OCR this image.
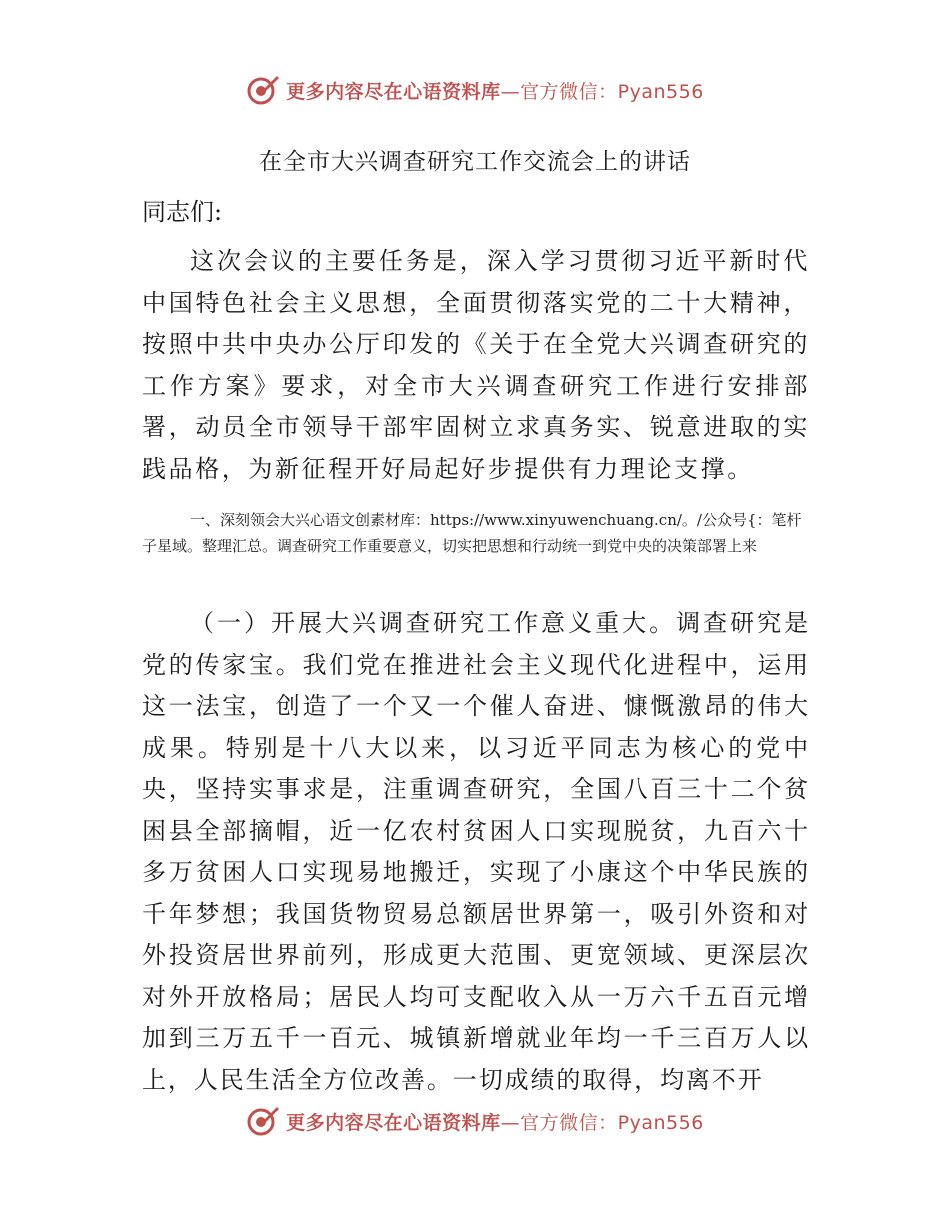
更多内容尽在心语资料库—官方微信：Pyan556
在全市大兴调查研究工作交流会上的讲话
同志们:

这次会议的主要任务是，深入学习贯彻习近平新时代中国特色社会主义思想，全面贯彻落实党的二十大精神，按照中共中央办公厅印发的《关于在全党大兴调查研究的工作方案》要求，对全市大兴调查研究工作进行安排部署，动员全市领导干部牢固树立求真务实、锐意进取的实践品格，为新征程开好局起好步提供有力理论支撑。

一、深刻领会大兴心语文创素材库：https://www.xinyuwenchuang.cn/。/公众号{：笔杆子星域。整理汇总。调查研究工作重要意义，切实把思想和行动统一到党中央的决策部署上来

（一）开展大兴调查研究工作意义重大。调查研究是党的传家宝。我们党在推进社会主义现代化进程中，运用这一法宝，创造了一个又一个催人奋进、慷慨激昂的伟大成果。特别是十八大以来，以习近平同志为核心的党中央，坚持实事求是，注重调查研究，全国八百三十二个贫困县全部摘帽，近一亿农村贫困人口实现脱贫，九百六十多万贫困人口实现易地搬迁，实现了小康这个中华民族的千年梦想；我国货物贸易总额居世界第一，吸引外资和对外投资居世界前列，形成更大范围、更宽领域、更深层次对外开放格局；居民人均可支配收入从一万六千五百元增加到三万五千一百元、城镇新增就业年均一千三百万人以上，人民生活全方位改善。一切成绩的取得，均离不开

更多内容尽在心语资料库—官方微信：Pyan556
